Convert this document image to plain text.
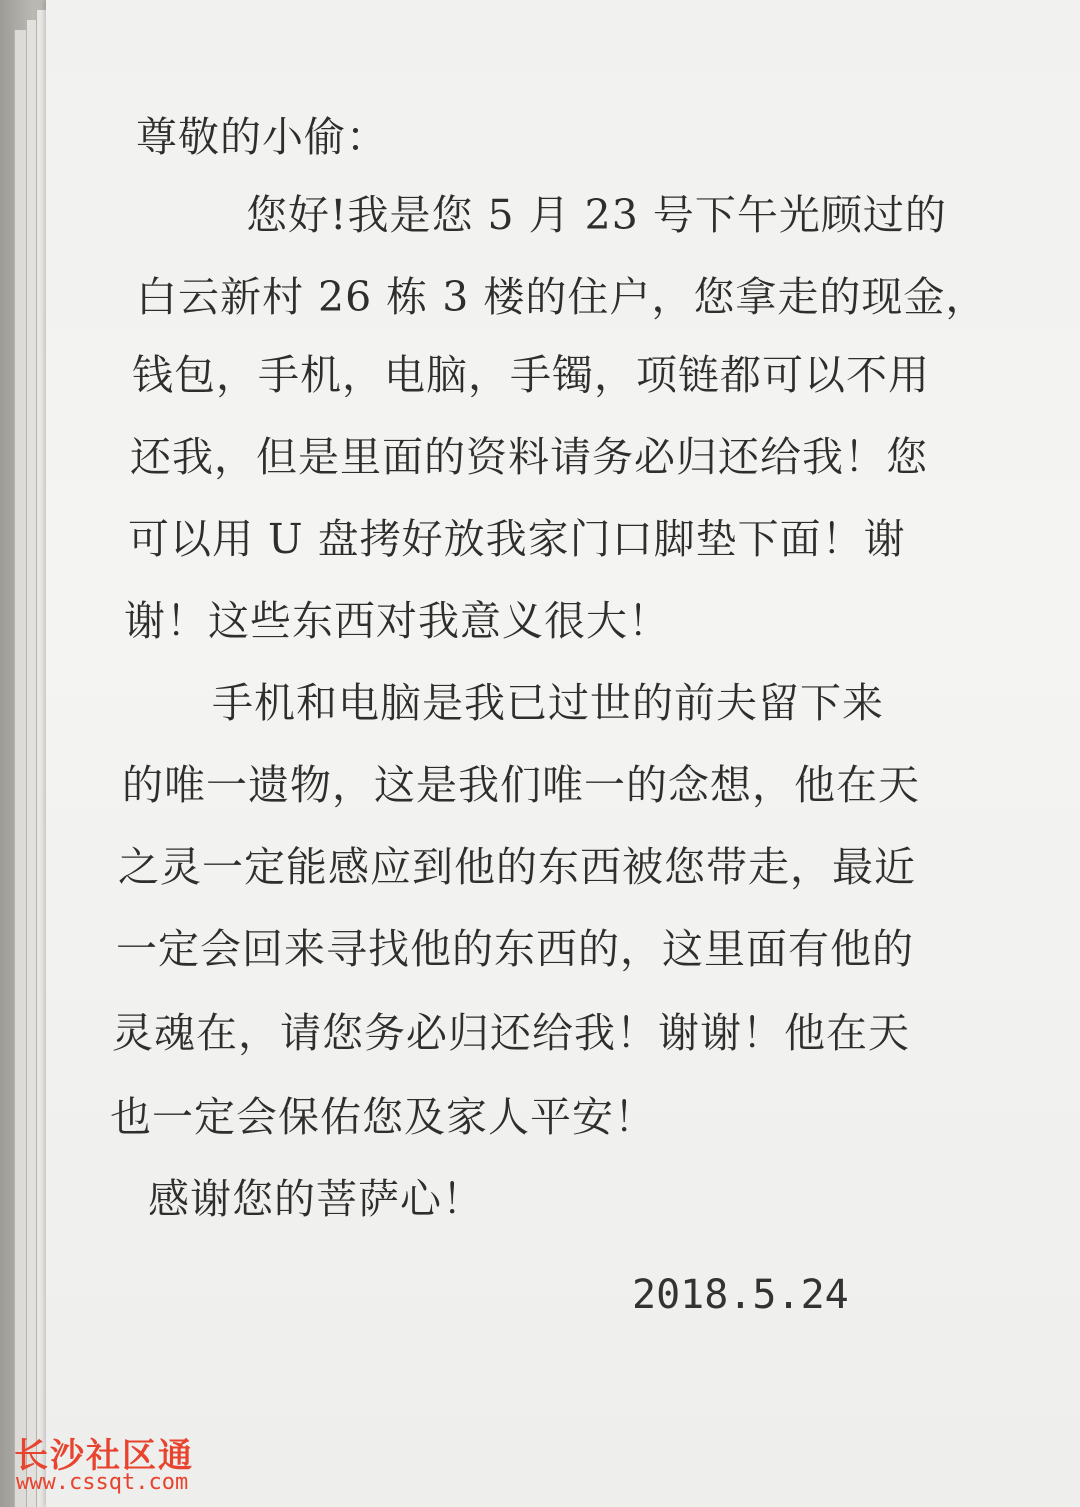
尊敬的小偷：
您好!我是您 5 月 23 号下午光顾过的
白云新村 26 栋 3 楼的住户，您拿走的现金，
钱包，手机，电脑，手镯，项链都可以不用
还我，但是里面的资料请务必归还给我！您
可以用 U 盘拷好放我家门口脚垫下面！谢
谢！这些东西对我意义很大！
手机和电脑是我已过世的前夫留下来
的唯一遗物，这是我们唯一的念想，他在天
之灵一定能感应到他的东西被您带走，最近
一定会回来寻找他的东西的，这里面有他的
灵魂在，请您务必归还给我！谢谢！他在天
也一定会保佑您及家人平安！
感谢您的菩萨心！
2018.5.24
长沙社区通
www.cssqt.com
